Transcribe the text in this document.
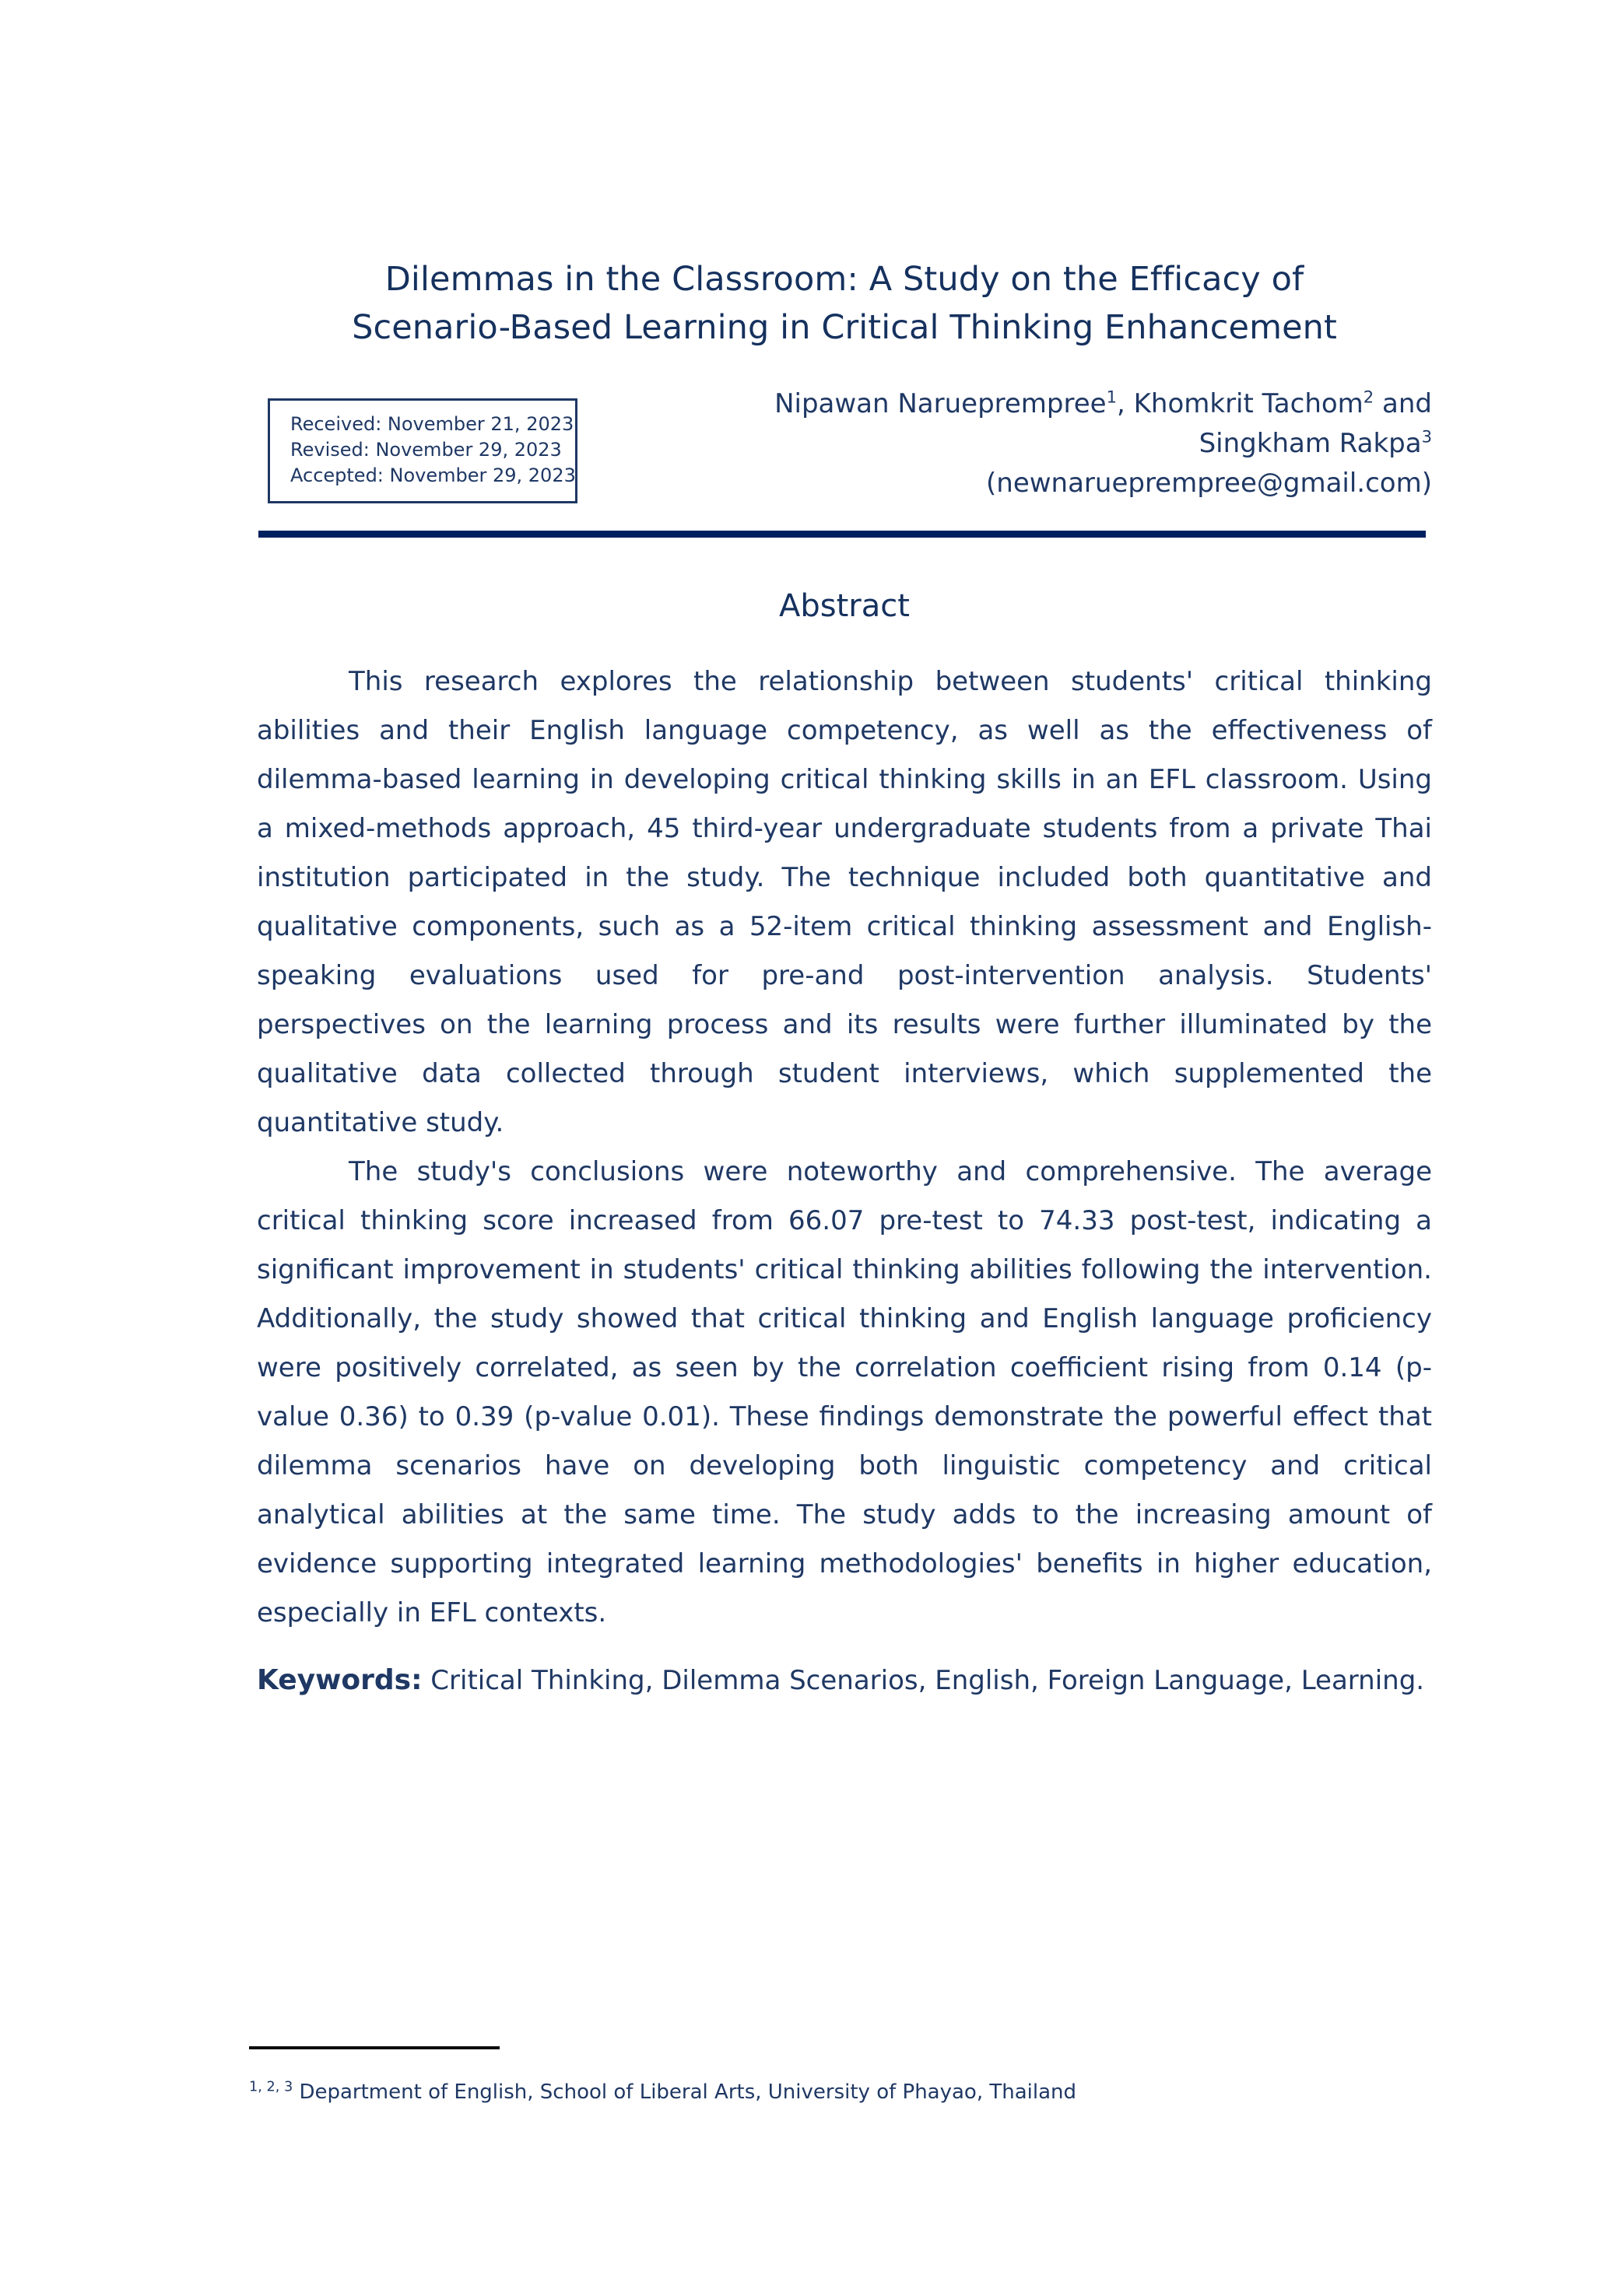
Dilemmas in the Classroom: A Study on the Efficacy of
Scenario-Based Learning in Critical Thinking Enhancement
Received: November 21, 2023
Revised: November 29, 2023
Accepted: November 29, 2023
Nipawan Narueprempree$^1$, Khomkrit Tachom$^2$ and
Singkham Rakpa$^3$
(newnarueprempree@gmail.com)
Abstract

This research explores the relationship between students' critical thinking abilities and their English language competency, as well as the effectiveness of dilemma-based learning in developing critical thinking skills in an EFL classroom. Using a mixed-methods approach, 45 third-year undergraduate students from a private Thai institution participated in the study. The technique included both quantitative and qualitative components, such as a 52-item critical thinking assessment and English-speaking evaluations used for pre-and post-intervention analysis. Students' perspectives on the learning process and its results were further illuminated by the qualitative data collected through student interviews, which supplemented the quantitative study.

The study's conclusions were noteworthy and comprehensive. The average critical thinking score increased from 66.07 pre-test to 74.33 post-test, indicating a significant improvement in students' critical thinking abilities following the intervention. Additionally, the study showed that critical thinking and English language proficiency were positively correlated, as seen by the correlation coefficient rising from 0.14 (p-value 0.36) to 0.39 (p-value 0.01). These findings demonstrate the powerful effect that dilemma scenarios have on developing both linguistic competency and critical analytical abilities at the same time. The study adds to the increasing amount of evidence supporting integrated learning methodologies' benefits in higher education, especially in EFL contexts.

Keywords: Critical Thinking, Dilemma Scenarios, English, Foreign Language, Learning.
$^{1, 2, 3}$ Department of English, School of Liberal Arts, University of Phayao, Thailand
